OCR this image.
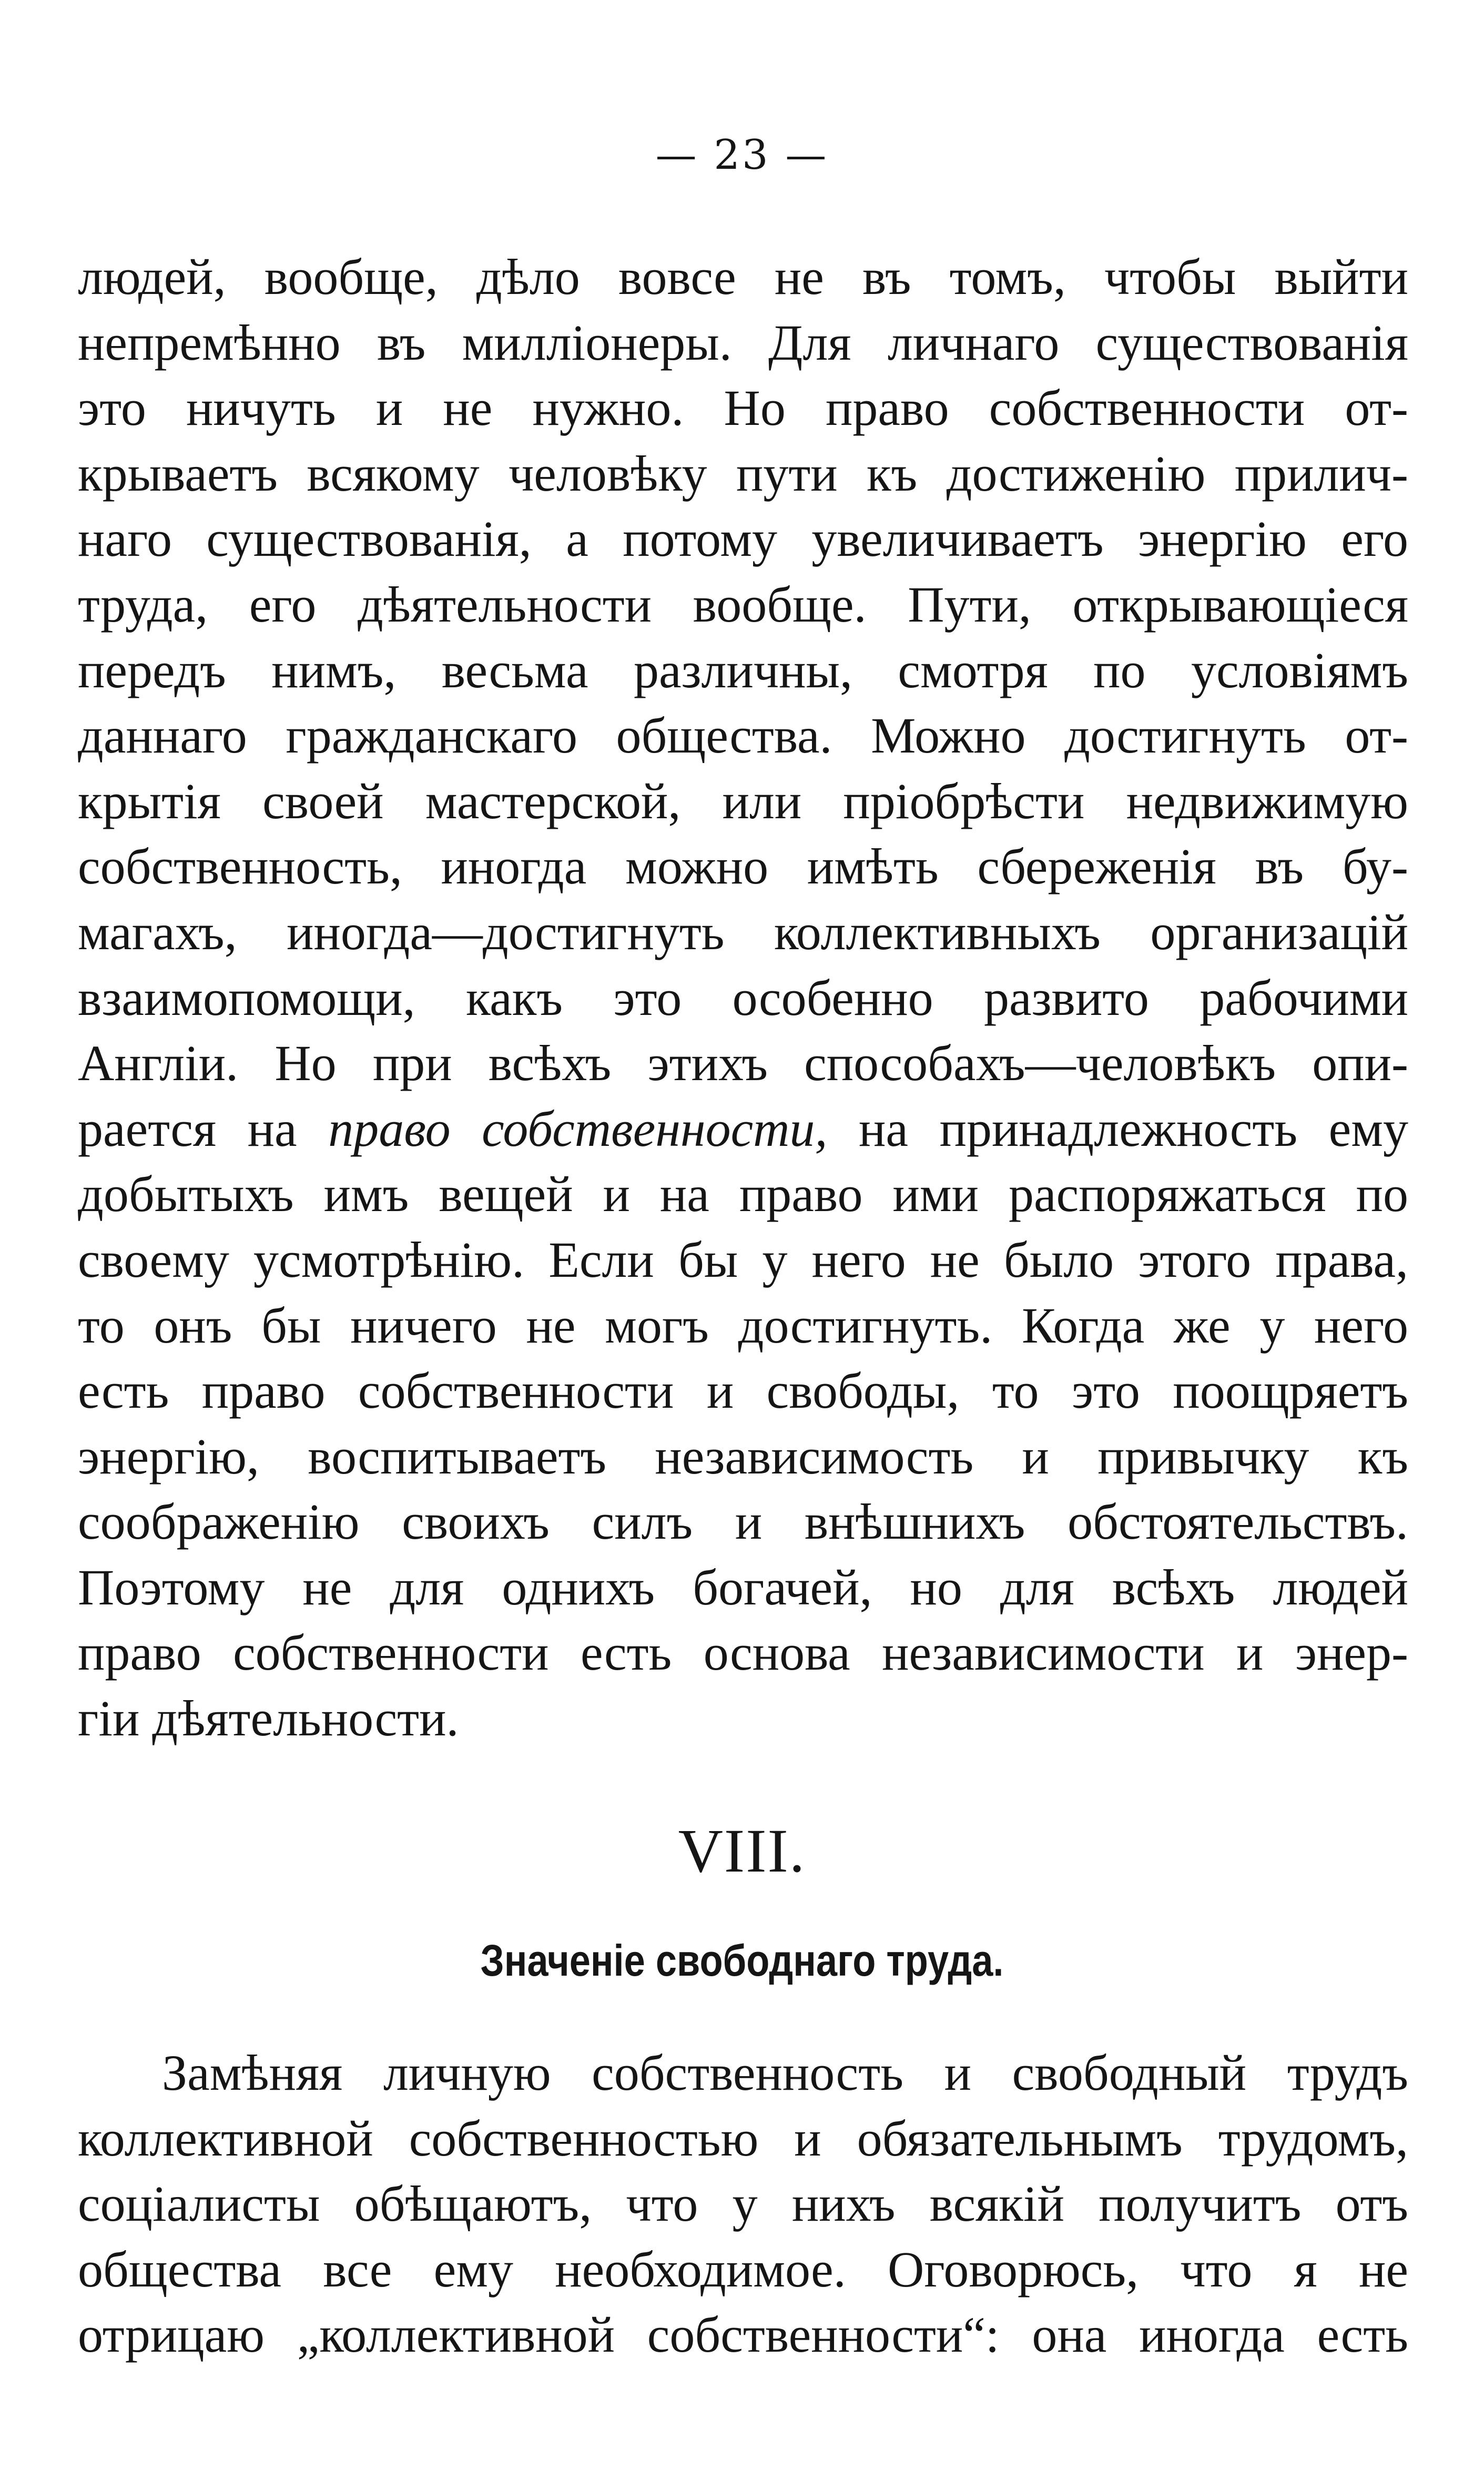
— 23 —
людей, вообще, дѣло вовсе не въ томъ, чтобы выйти
непремѣнно въ милліонеры. Для личнаго существованія
это ничуть и не нужно. Но право собственности от-
крываетъ всякому человѣку пути къ достиженію прилич-
наго существованія, а потому увеличиваетъ энергію его
труда, его дѣятельности вообще. Пути, открывающіеся
передъ нимъ, весьма различны, смотря по условіямъ
даннаго гражданскаго общества. Можно достигнуть от-
крытія своей мастерской, или пріобрѣсти недвижимую
собственность, иногда можно имѣть сбереженія въ бу-
магахъ, иногда—достигнуть коллективныхъ организацій
взаимопомощи, какъ это особенно развито рабочими
Англіи. Но при всѣхъ этихъ способахъ—человѣкъ опи-
рается на право собственности, на принадлежность ему
добытыхъ имъ вещей и на право ими распоряжаться по
своему усмотрѣнію. Если бы у него не было этого права,
то онъ бы ничего не могъ достигнуть. Когда же у него
есть право собственности и свободы, то это поощряетъ
энергію, воспитываетъ независимость и привычку къ
соображенію своихъ силъ и внѣшнихъ обстоятельствъ.
Поэтому не для однихъ богачей, но для всѣхъ людей
право собственности есть основа независимости и энер-
гіи дѣятельности.
VIII.
Значеніе свободнаго труда.
Замѣняя личную собственность и свободный трудъ
коллективной собственностью и обязательнымъ трудомъ,
соціалисты обѣщаютъ, что у нихъ всякій получитъ отъ
общества все ему необходимое. Оговорюсь, что я не
отрицаю „коллективной собственности“: она иногда есть
